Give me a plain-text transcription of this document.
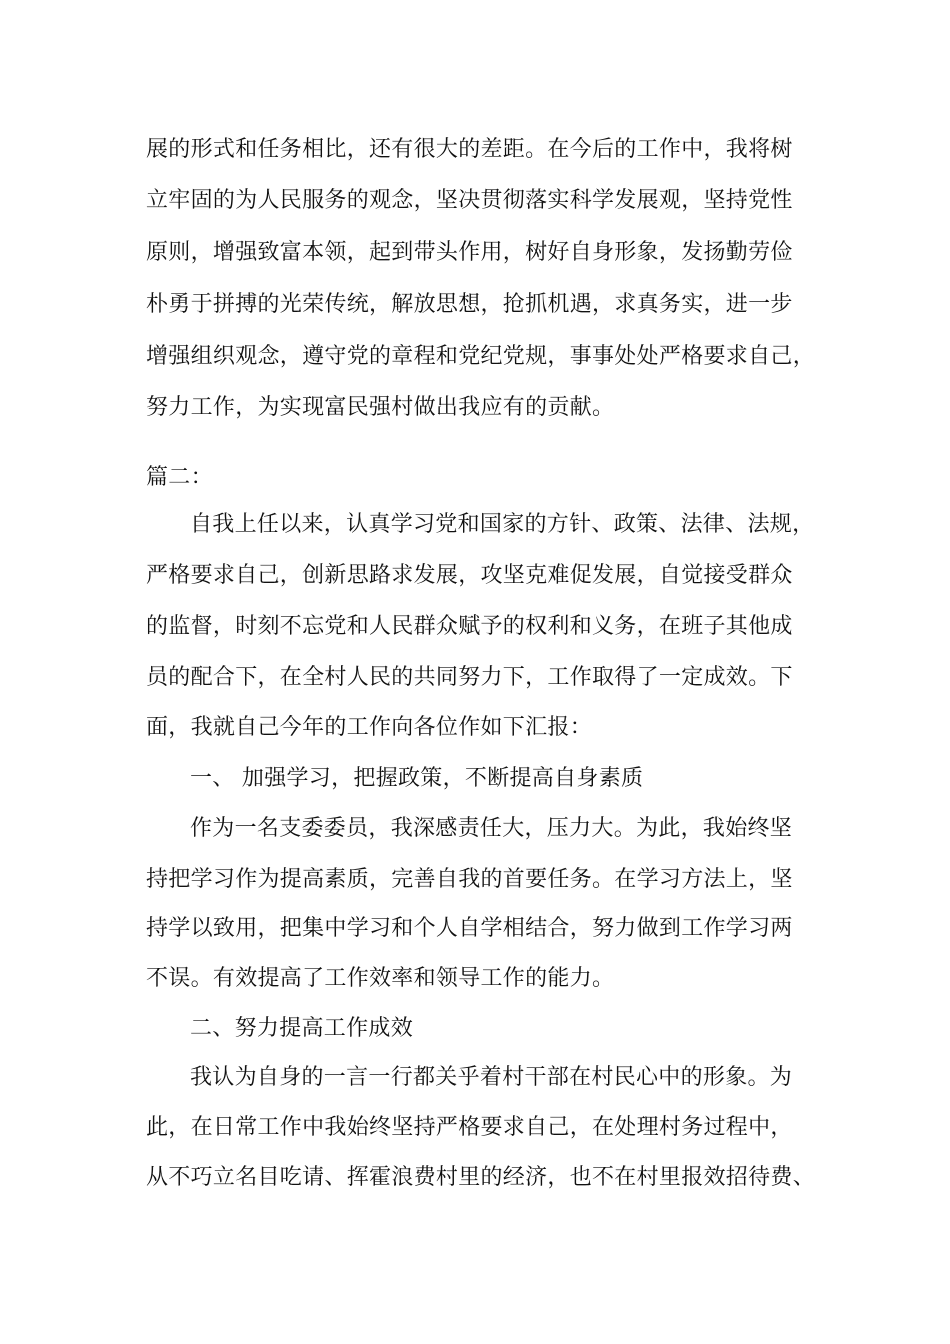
展的形式和任务相比，还有很大的差距。在今后的工作中，我将树
立牢固的为人民服务的观念，坚决贯彻落实科学发展观，坚持党性
原则，增强致富本领，起到带头作用，树好自身形象，发扬勤劳俭
朴勇于拼搏的光荣传统，解放思想，抢抓机遇，求真务实，进一步
增强组织观念，遵守党的章程和党纪党规，事事处处严格要求自己，
努力工作，为实现富民强村做出我应有的贡献。
篇二：
自我上任以来，认真学习党和国家的方针、政策、法律、法规，
严格要求自己，创新思路求发展，攻坚克难促发展，自觉接受群众
的监督，时刻不忘党和人民群众赋予的权利和义务，在班子其他成
员的配合下，在全村人民的共同努力下，工作取得了一定成效。下
面，我就自己今年的工作向各位作如下汇报：
一、 加强学习，把握政策，不断提高自身素质
作为一名支委委员，我深感责任大，压力大。为此，我始终坚
持把学习作为提高素质，完善自我的首要任务。在学习方法上，坚
持学以致用，把集中学习和个人自学相结合，努力做到工作学习两
不误。有效提高了工作效率和领导工作的能力。
二、努力提高工作成效
我认为自身的一言一行都关乎着村干部在村民心中的形象。为
此，在日常工作中我始终坚持严格要求自己，在处理村务过程中，
从不巧立名目吃请、挥霍浪费村里的经济，也不在村里报效招待费、
